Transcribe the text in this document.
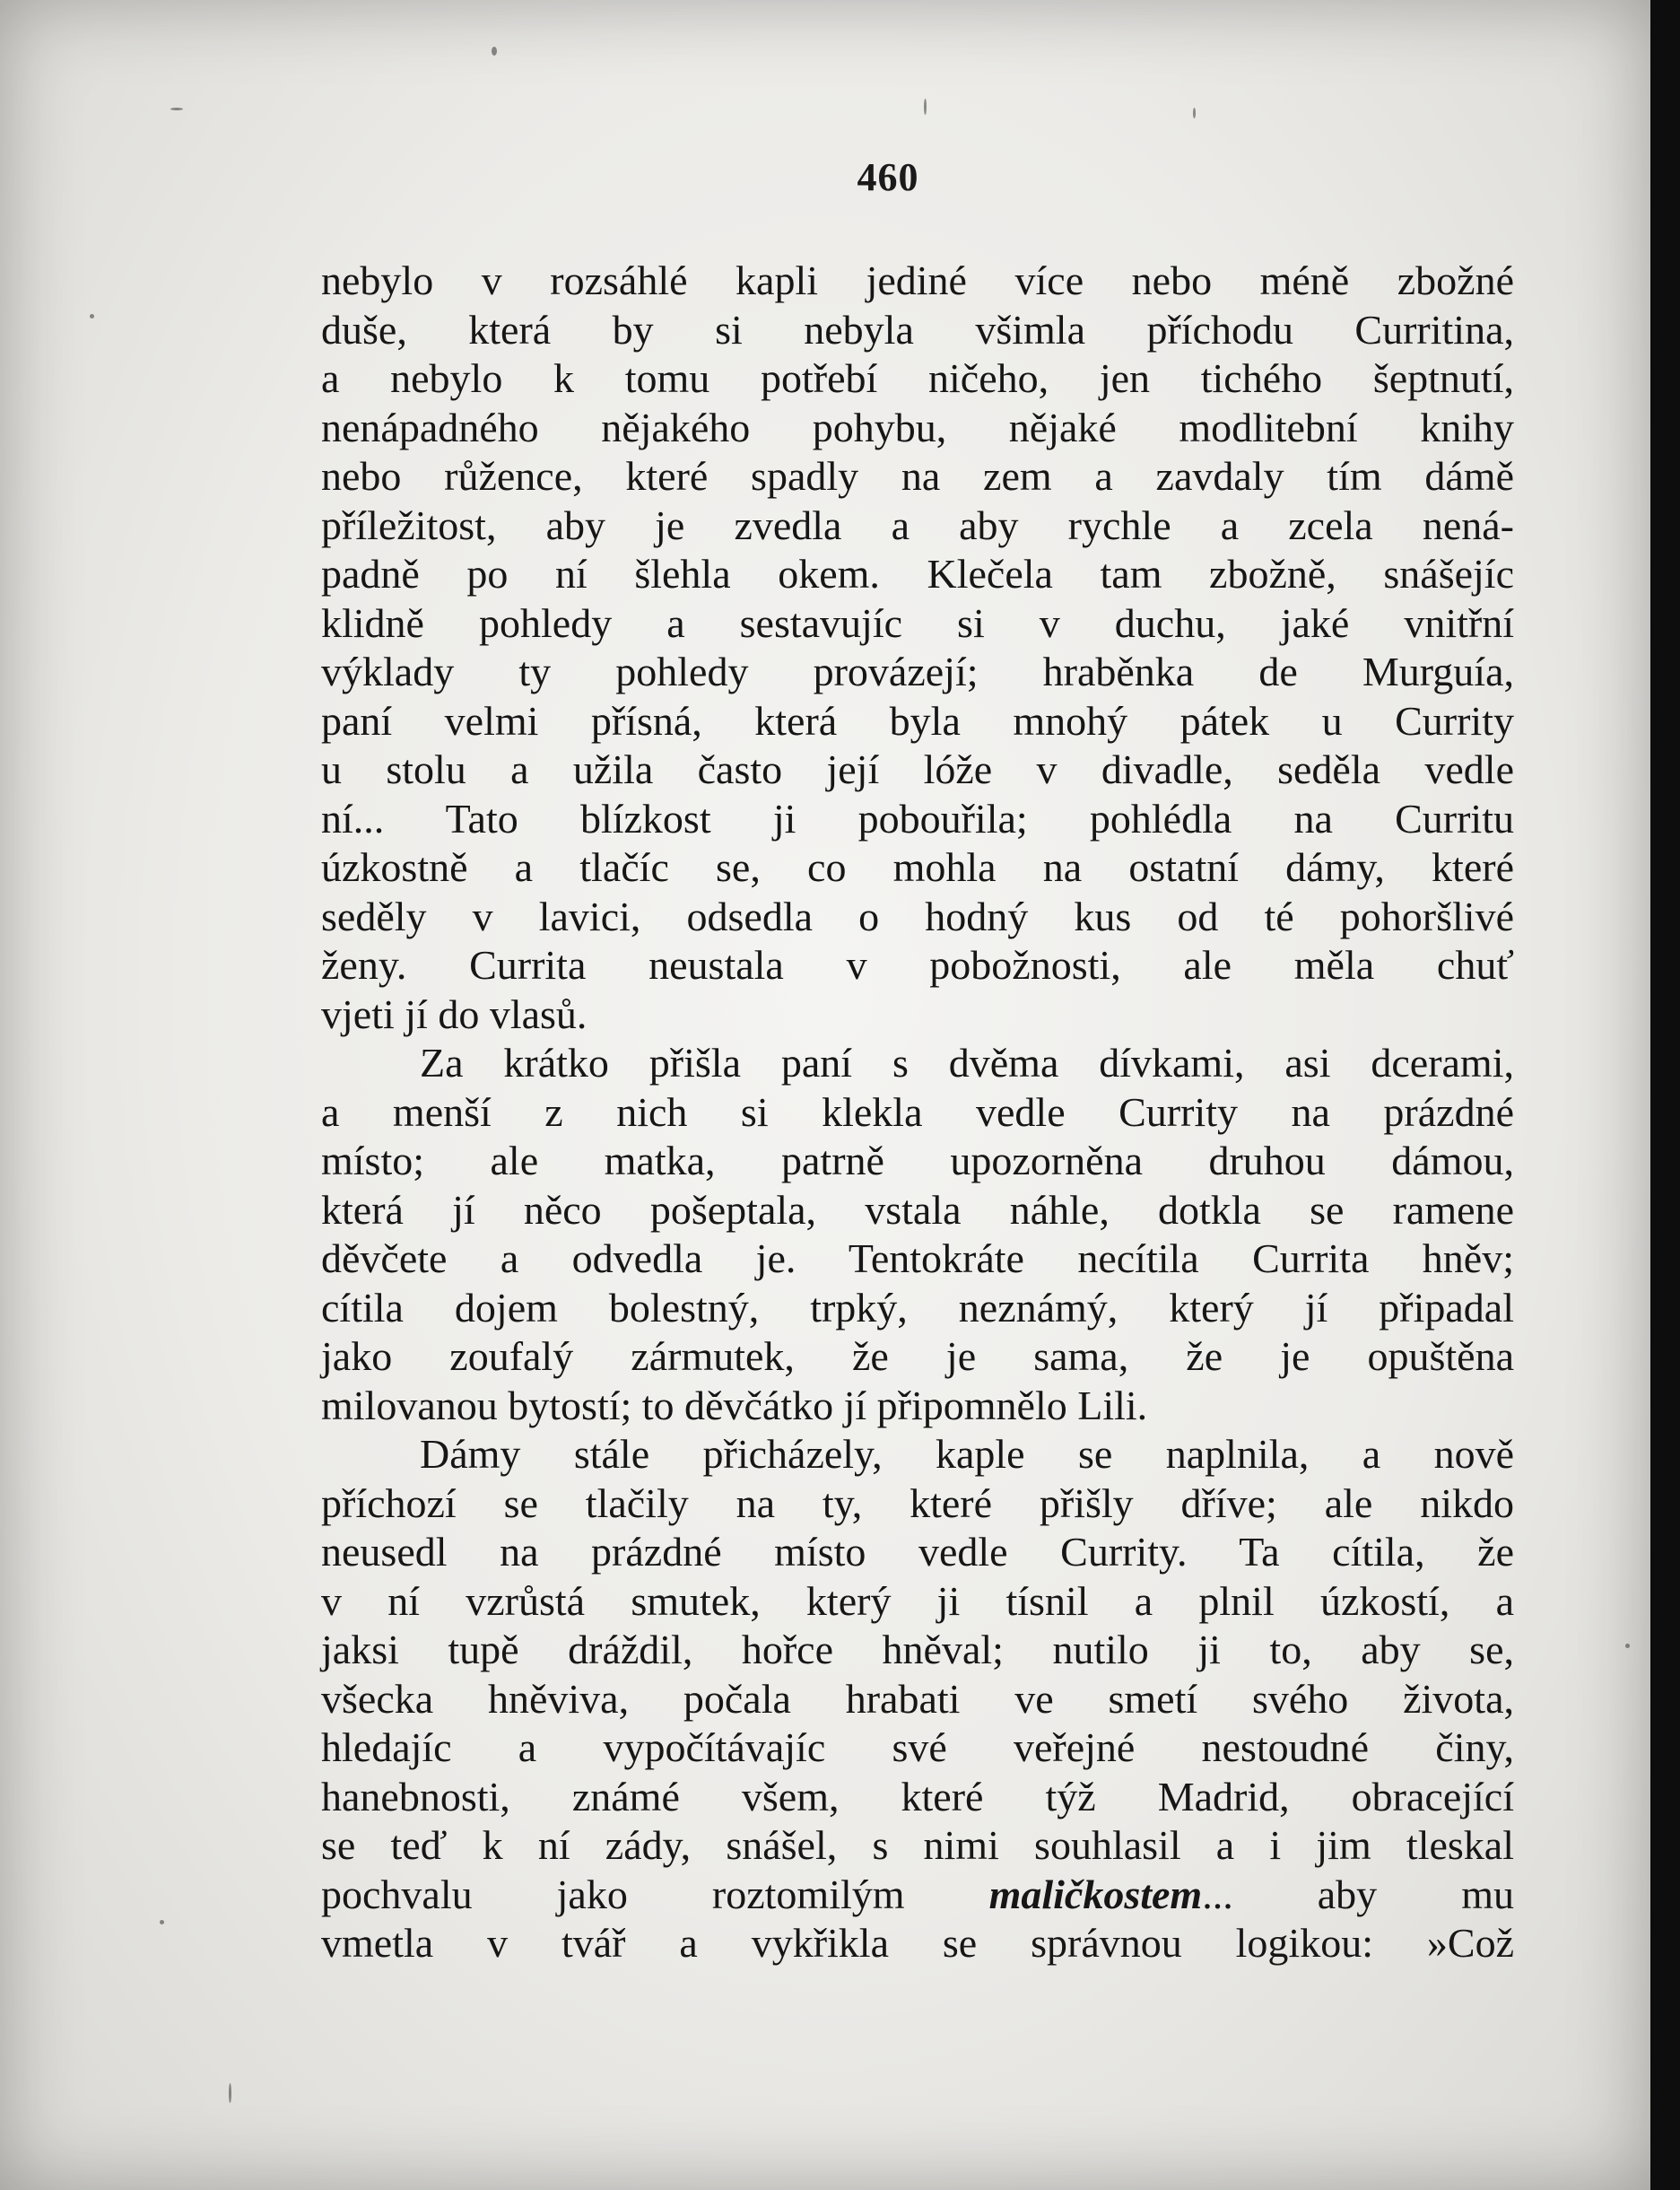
460
nebylo v rozsáhlé kapli jediné více nebo méně zbožné
duše, která by si nebyla všimla příchodu Curritina,
a nebylo k tomu potřebí ničeho, jen tichého šeptnutí,
nenápadného nějakého pohybu, nějaké modlitební knihy
nebo růžence, které spadly na zem a zavdaly tím dámě
příležitost, aby je zvedla a aby rychle a zcela nená-
padně po ní šlehla okem. Klečela tam zbožně, snášejíc
klidně pohledy a sestavujíc si v duchu, jaké vnitřní
výklady ty pohledy provázejí; hraběnka de Murguía,
paní velmi přísná, která byla mnohý pátek u Currity
u stolu a užila často její lóže v divadle, seděla vedle
ní... Tato blízkost ji pobouřila; pohlédla na Curritu
úzkostně a tlačíc se, co mohla na ostatní dámy, které
seděly v lavici, odsedla o hodný kus od té pohoršlivé
ženy. Currita neustala v pobožnosti, ale měla chuť
vjeti jí do vlasů.
Za krátko přišla paní s dvěma dívkami, asi dcerami,
a menší z nich si klekla vedle Currity na prázdné
místo; ale matka, patrně upozorněna druhou dámou,
která jí něco pošeptala, vstala náhle, dotkla se ramene
děvčete a odvedla je. Tentokráte necítila Currita hněv;
cítila dojem bolestný, trpký, neznámý, který jí připadal
jako zoufalý zármutek, že je sama, že je opuštěna
milovanou bytostí; to děvčátko jí připomnělo Lili.
Dámy stále přicházely, kaple se naplnila, a nově
příchozí se tlačily na ty, které přišly dříve; ale nikdo
neusedl na prázdné místo vedle Currity. Ta cítila, že
v ní vzrůstá smutek, který ji tísnil a plnil úzkostí, a
jaksi tupě dráždil, hořce hněval; nutilo ji to, aby se,
všecka hněviva, počala hrabati ve smetí svého života,
hledajíc a vypočítávajíc své veřejné nestoudné činy,
hanebnosti, známé všem, které týž Madrid, obracející
se teď k ní zády, snášel, s nimi souhlasil a i jim tleskal
pochvalu jako roztomilým maličkostem... aby mu
vmetla v tvář a vykřikla se správnou logikou: »Což
